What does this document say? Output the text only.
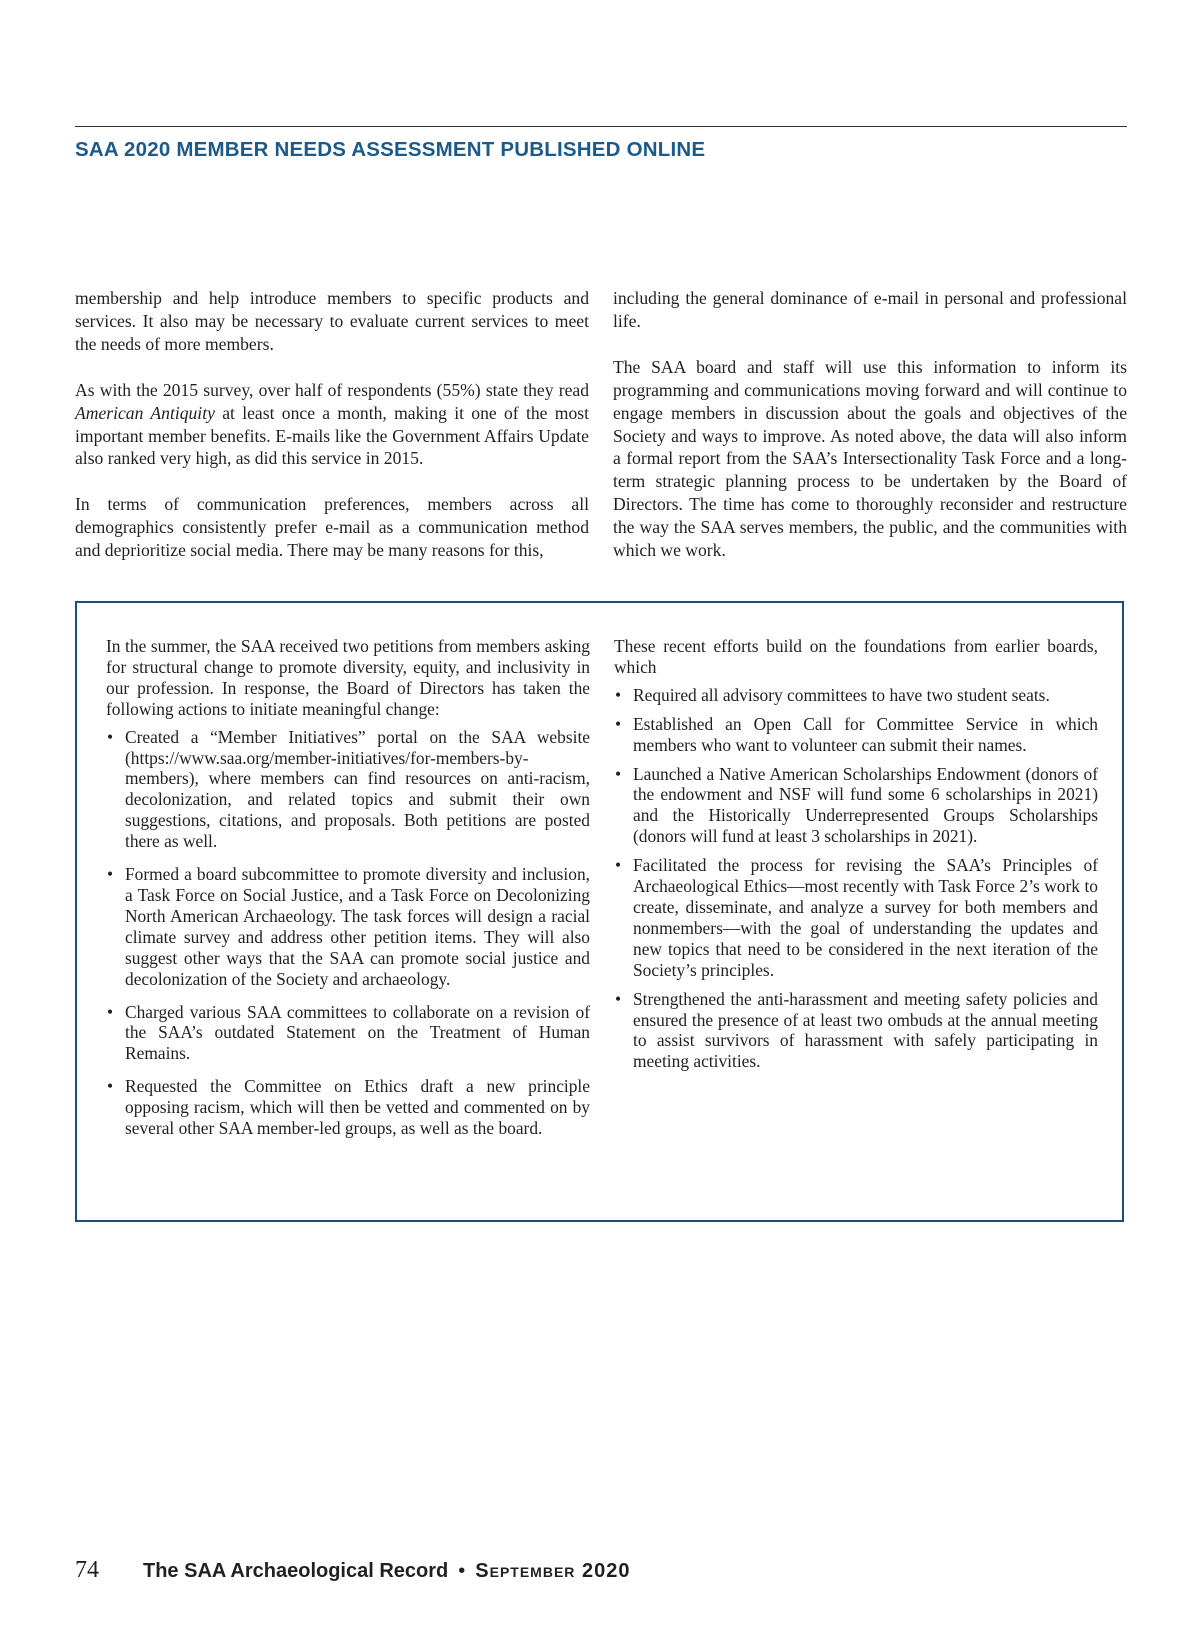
SAA 2020 MEMBER NEEDS ASSESSMENT PUBLISHED ONLINE

membership and help introduce members to specific products and services. It also may be necessary to evaluate current services to meet the needs of more members.

As with the 2015 survey, over half of respondents (55%) state they read American Antiquity at least once a month, making it one of the most important member benefits. E-mails like the Government Affairs Update also ranked very high, as did this service in 2015.

In terms of communication preferences, members across all demographics consistently prefer e-mail as a communication method and deprioritize social media. There may be many reasons for this,

including the general dominance of e-mail in personal and professional life.

The SAA board and staff will use this information to inform its programming and communications moving forward and will continue to engage members in discussion about the goals and objectives of the Society and ways to improve. As noted above, the data will also inform a formal report from the SAA’s Intersectionality Task Force and a long-term strategic planning process to be undertaken by the Board of Directors. The time has come to thoroughly reconsider and restructure the way the SAA serves members, the public, and the communities with which we work.

In the summer, the SAA received two petitions from members asking for structural change to promote diversity, equity, and inclusivity in our profession. In response, the Board of Directors has taken the following actions to initiate meaningful change:

• Created a “Member Initiatives” portal on the SAA website (https://www.saa.org/member-initiatives/for-members-by-members), where members can find resources on anti-racism, decolonization, and related topics and submit their own suggestions, citations, and proposals. Both petitions are posted there as well.
• Formed a board subcommittee to promote diversity and inclusion, a Task Force on Social Justice, and a Task Force on Decolonizing North American Archaeology. The task forces will design a racial climate survey and address other petition items. They will also suggest other ways that the SAA can promote social justice and decolonization of the Society and archaeology.
• Charged various SAA committees to collaborate on a revision of the SAA’s outdated Statement on the Treatment of Human Remains.
• Requested the Committee on Ethics draft a new principle opposing racism, which will then be vetted and commented on by several other SAA member-led groups, as well as the board.

These recent efforts build on the foundations from earlier boards, which

• Required all advisory committees to have two student seats.
• Established an Open Call for Committee Service in which members who want to volunteer can submit their names.
• Launched a Native American Scholarships Endowment (donors of the endowment and NSF will fund some 6 scholarships in 2021) and the Historically Underrepresented Groups Scholarships (donors will fund at least 3 scholarships in 2021).
• Facilitated the process for revising the SAA’s Principles of Archaeological Ethics—most recently with Task Force 2’s work to create, disseminate, and analyze a survey for both members and nonmembers—with the goal of understanding the updates and new topics that need to be considered in the next iteration of the Society’s principles.
• Strengthened the anti-harassment and meeting safety policies and ensured the presence of at least two ombuds at the annual meeting to assist survivors of harassment with safely participating in meeting activities.
74 The SAA Archaeological Record • September 2020
